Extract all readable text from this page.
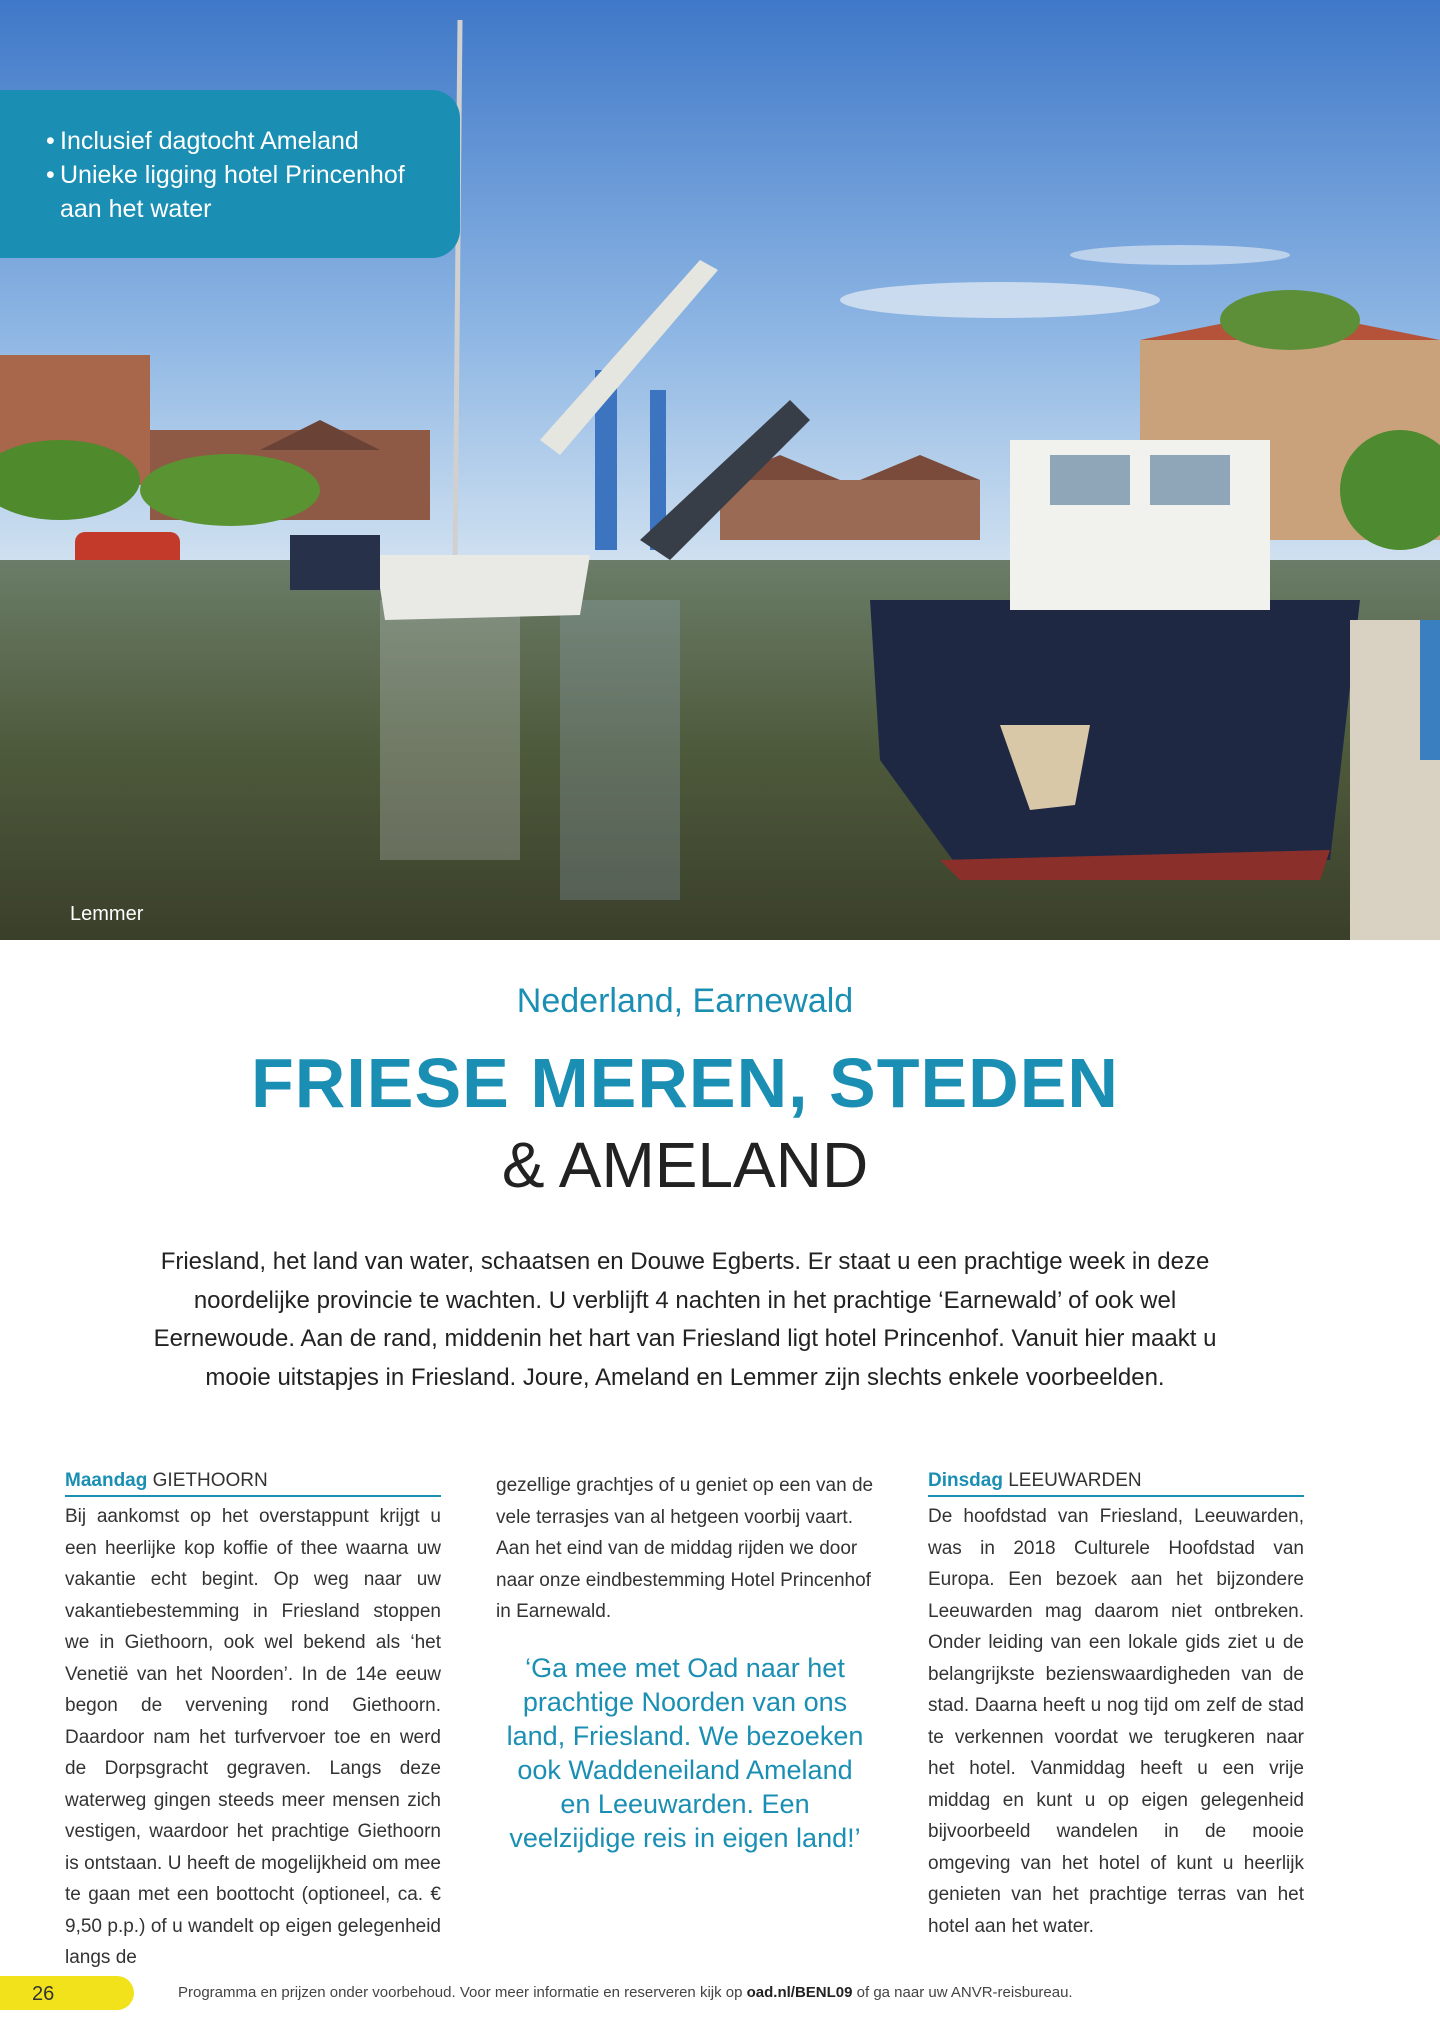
• Inclusief dagtocht Ameland
• Unieke ligging hotel Princenhof
aan het water
Lemmer
Nederland, Earnewald
FRIESE MEREN, STEDEN
& AMELAND

Friesland, het land van water, schaatsen en Douwe Egberts. Er staat u een prachtige week in deze noordelijke provincie te wachten. U verblijft 4 nachten in het prachtige ‘Earnewald’ of ook wel Eernewoude. Aan de rand, middenin het hart van Friesland ligt hotel Princenhof. Vanuit hier maakt u mooie uitstapjes in Friesland. Joure, Ameland en Lemmer zijn slechts enkele voorbeelden.

Maandag GIETHOORN

Bij aankomst op het overstappunt krijgt u een heerlijke kop koffie of thee waarna uw vakantie echt begint. Op weg naar uw vakantiebestemming in Friesland stoppen we in Giethoorn, ook wel bekend als ‘het Venetië van het Noorden’. In de 14e eeuw begon de vervening rond Giethoorn. Daardoor nam het turfvervoer toe en werd de Dorpsgracht gegraven. Langs deze waterweg gingen steeds meer mensen zich vestigen, waardoor het prachtige Giethoorn is ontstaan. U heeft de mogelijkheid om mee te gaan met een boottocht (optioneel, ca. € 9,50 p.p.) of u wandelt op eigen gelegenheid langs de

gezellige grachtjes of u geniet op een van de vele terrasjes van al hetgeen voorbij vaart. Aan het eind van de middag rijden we door naar onze eindbestemming Hotel Princenhof in Earnewald.

‘Ga mee met Oad naar het prachtige Noorden van ons land, Friesland. We bezoeken ook Waddeneiland Ameland en Leeuwarden. Een veelzijdige reis in eigen land!’
Dinsdag LEEUWARDEN

De hoofdstad van Friesland, Leeuwarden, was in 2018 Culturele Hoofdstad van Europa. Een bezoek aan het bijzondere Leeuwarden mag daarom niet ontbreken. Onder leiding van een lokale gids ziet u de belangrijkste bezienswaardigheden van de stad. Daarna heeft u nog tijd om zelf de stad te verkennen voordat we terugkeren naar het hotel. Vanmiddag heeft u een vrije middag en kunt u op eigen gelegenheid bijvoorbeeld wandelen in de mooie omgeving van het hotel of kunt u heerlijk genieten van het prachtige terras van het hotel aan het water.

26	Programma en prijzen onder voorbehoud. Voor meer informatie en reserveren kijk op oad.nl/BENL09 of ga naar uw ANVR-reisbureau.
